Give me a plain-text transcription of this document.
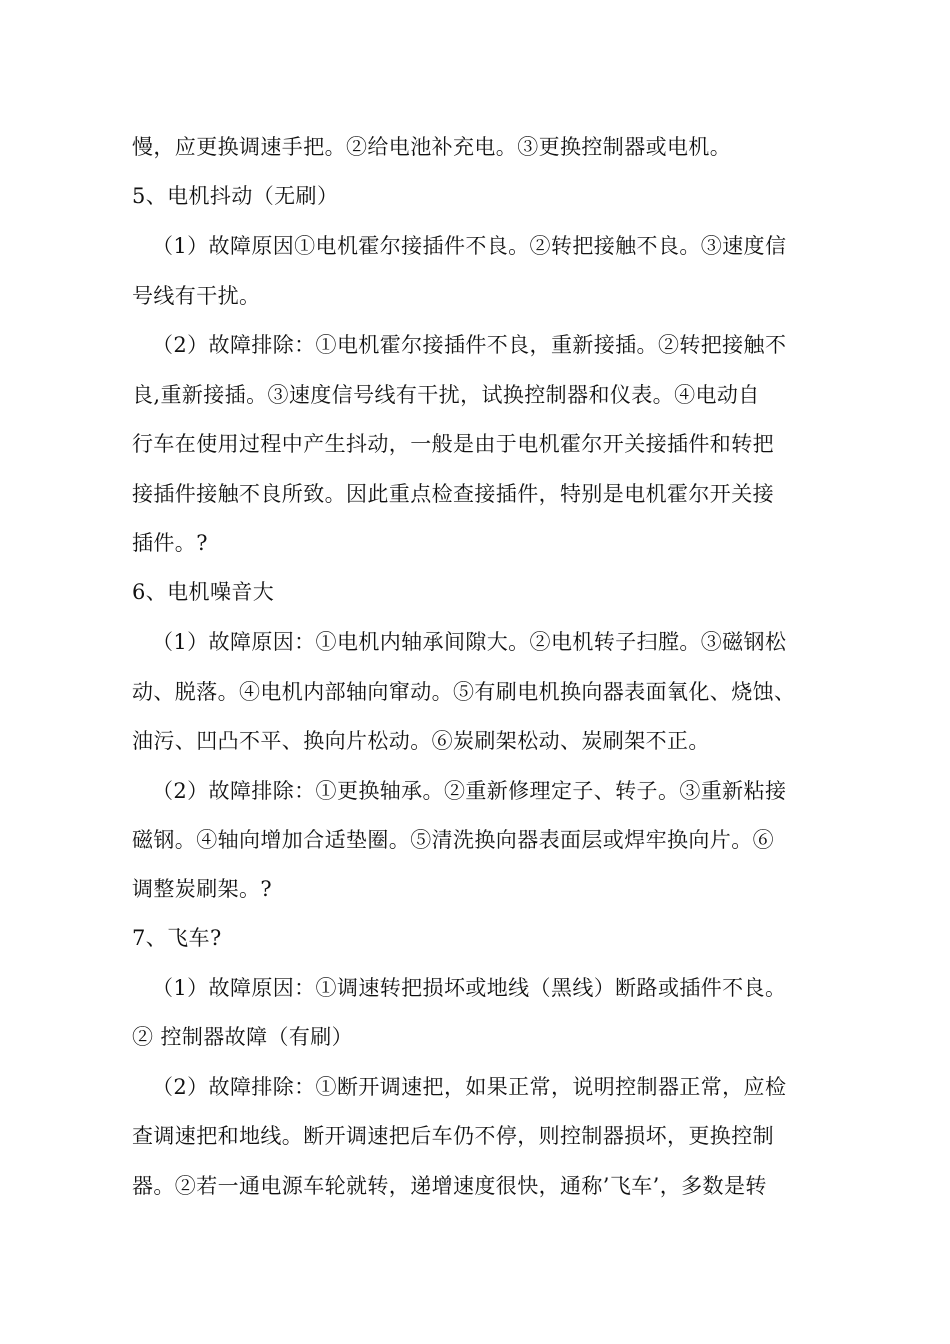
慢，应更换调速手把。②给电池补充电。③更换控制器或电机。
5、电机抖动（无刷）
（1）故障原因①电机霍尔接插件不良。②转把接触不良。③速度信
号线有干扰。
（2）故障排除：①电机霍尔接插件不良，重新接插。②转把接触不
良,重新接插。③速度信号线有干扰，试换控制器和仪表。④电动自
行车在使用过程中产生抖动，一般是由于电机霍尔开关接插件和转把
接插件接触不良所致。因此重点检查接插件，特别是电机霍尔开关接
插件。?
6、电机噪音大
（1）故障原因：①电机内轴承间隙大。②电机转子扫膛。③磁钢松
动、脱落。④电机内部轴向窜动。⑤有刷电机换向器表面氧化、烧蚀、
油污、凹凸不平、换向片松动。⑥炭刷架松动、炭刷架不正。
（2）故障排除：①更换轴承。②重新修理定子、转子。③重新粘接
磁钢。④轴向增加合适垫圈。⑤清洗换向器表面层或焊牢换向片。⑥
调整炭刷架。?
7、飞车?
（1）故障原因：①调速转把损坏或地线（黑线）断路或插件不良。
② 控制器故障（有刷）
（2）故障排除：①断开调速把，如果正常，说明控制器正常，应检
查调速把和地线。断开调速把后车仍不停，则控制器损坏，更换控制
器。②若一通电源车轮就转，递增速度很快，通称’飞车’，多数是转
